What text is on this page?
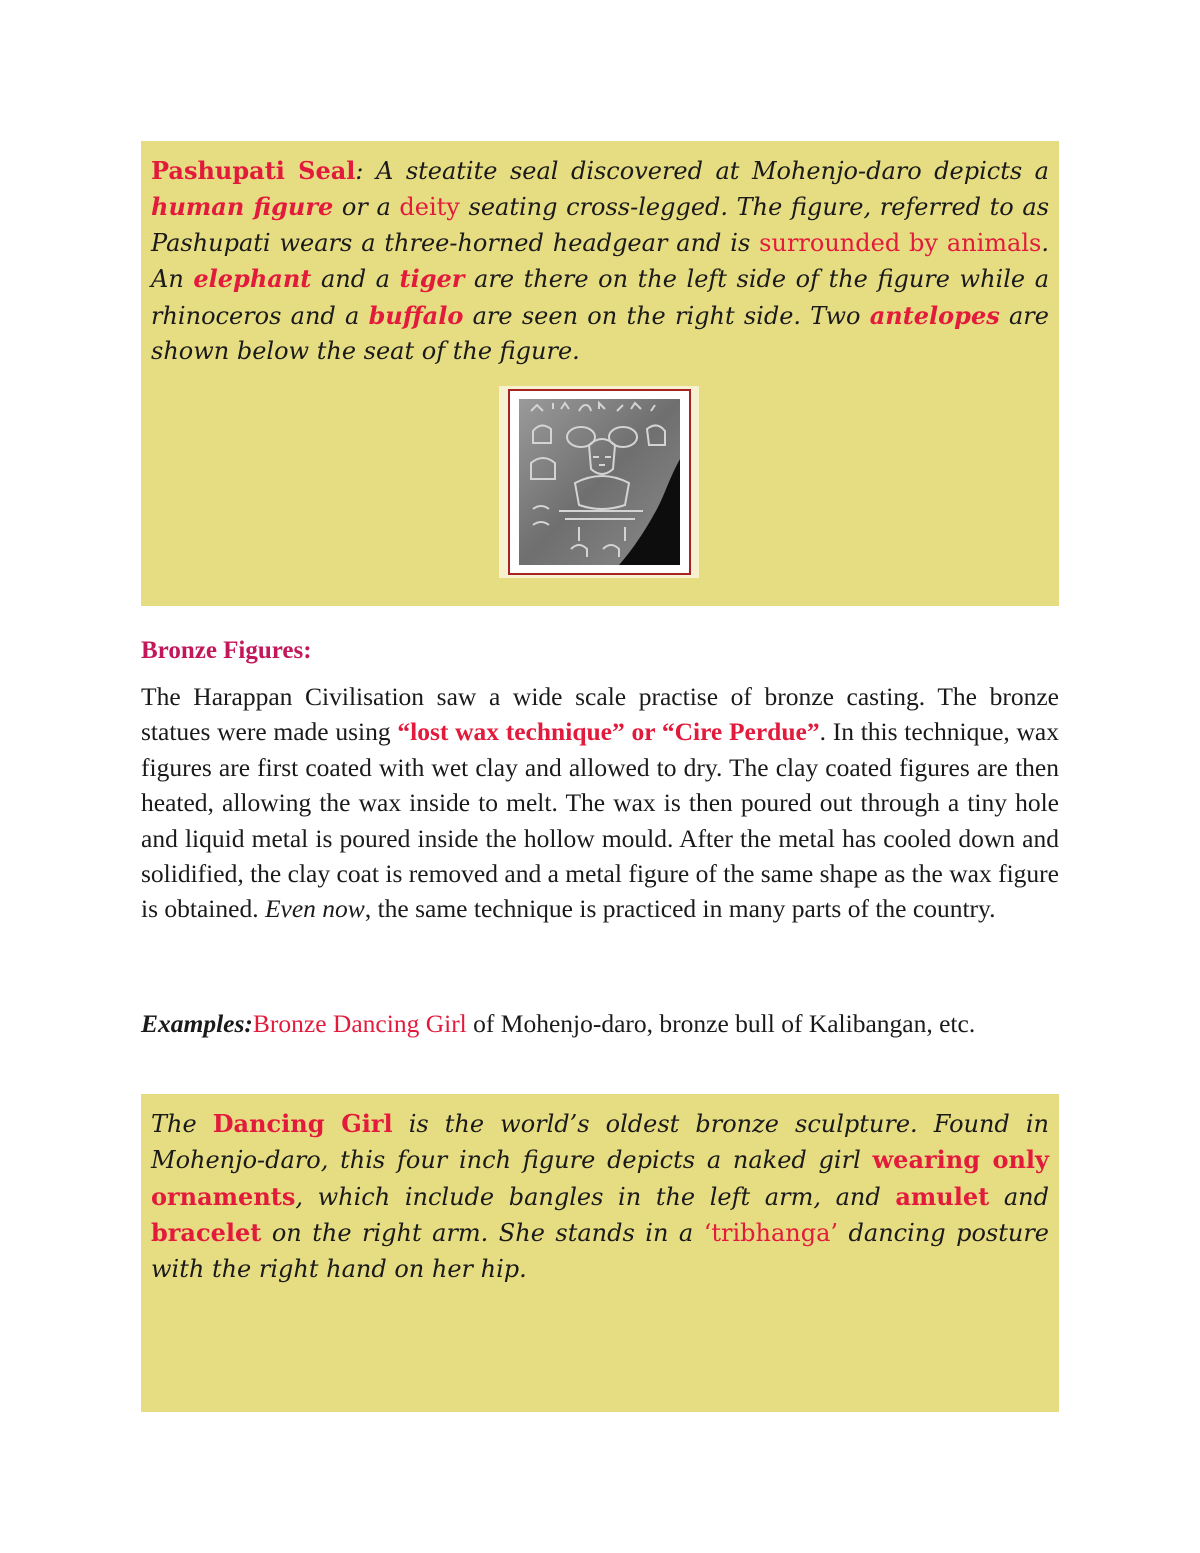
Pashupati Seal: A steatite seal discovered at Mohenjo-daro depicts a human figure or a deity seating cross-legged. The figure, referred to as Pashupati wears a three-horned headgear and is surrounded by animals. An elephant and a tiger are there on the left side of the figure while a rhinoceros and a buffalo are seen on the right side. Two antelopes are shown below the seat of the figure.

Bronze Figures:

The Harappan Civilisation saw a wide scale practise of bronze casting. The bronze statues were made using “lost wax technique” or “Cire Perdue”. In this technique, wax figures are first coated with wet clay and allowed to dry. The clay coated figures are then heated, allowing the wax inside to melt. The wax is then poured out through a tiny hole and liquid metal is poured inside the hollow mould. After the metal has cooled down and solidified, the clay coat is removed and a metal figure of the same shape as the wax figure is obtained. Even now, the same technique is practiced in many parts of the country.

Examples:Bronze Dancing Girl of Mohenjo-daro, bronze bull of Kalibangan, etc.

The Dancing Girl is the world’s oldest bronze sculpture. Found in Mohenjo-daro, this four inch figure depicts a naked girl wearing only ornaments, which include bangles in the left arm, and amulet and bracelet on the right arm. She stands in a ‘tribhanga’ dancing posture with the right hand on her hip.
